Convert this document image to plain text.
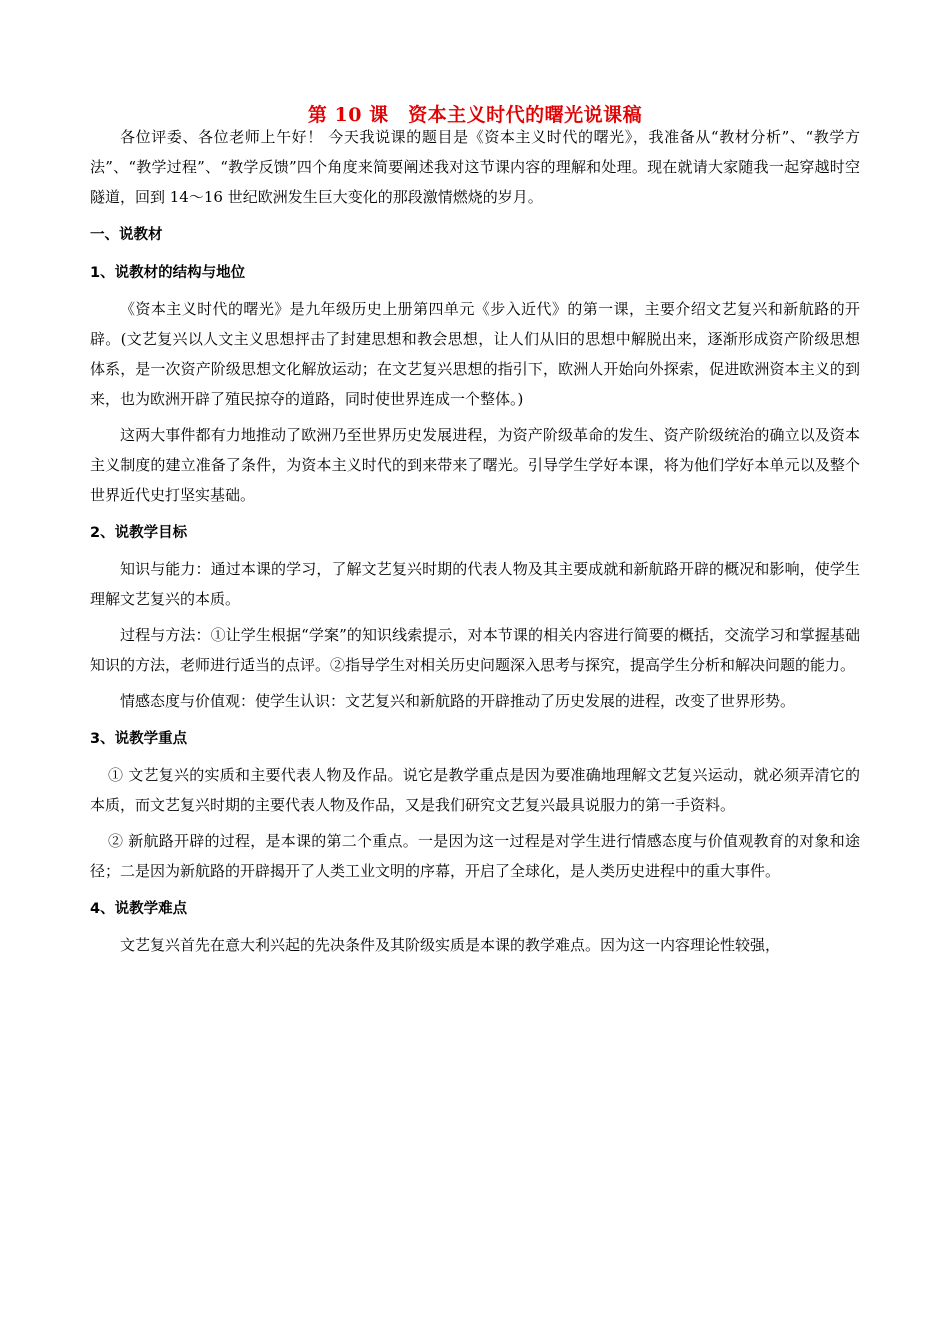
第 10 课　资本主义时代的曙光说课稿

各位评委、各位老师上午好！ 今天我说课的题目是《资本主义时代的曙光》，我准备从“教材分析”、“教学方法”、“教学过程”、“教学反馈”四个角度来简要阐述我对这节课内容的理解和处理。现在就请大家随我一起穿越时空隧道，回到 14～16 世纪欧洲发生巨大变化的那段激情燃烧的岁月。

一、说教材

1、说教材的结构与地位

《资本主义时代的曙光》是九年级历史上册第四单元《步入近代》的第一课，主要介绍文艺复兴和新航路的开辟。(文艺复兴以人文主义思想抨击了封建思想和教会思想，让人们从旧的思想中解脱出来，逐渐形成资产阶级思想体系，是一次资产阶级思想文化解放运动；在文艺复兴思想的指引下，欧洲人开始向外探索，促进欧洲资本主义的到来，也为欧洲开辟了殖民掠夺的道路，同时使世界连成一个整体。)

这两大事件都有力地推动了欧洲乃至世界历史发展进程，为资产阶级革命的发生、资产阶级统治的确立以及资本主义制度的建立准备了条件，为资本主义时代的到来带来了曙光。引导学生学好本课，将为他们学好本单元以及整个世界近代史打坚实基础。

2、说教学目标

知识与能力：通过本课的学习，了解文艺复兴时期的代表人物及其主要成就和新航路开辟的概况和影响，使学生理解文艺复兴的本质。

过程与方法：①让学生根据“学案”的知识线索提示，对本节课的相关内容进行简要的概括，交流学习和掌握基础知识的方法，老师进行适当的点评。②指导学生对相关历史问题深入思考与探究，提高学生分析和解决问题的能力。

情感态度与价值观：使学生认识：文艺复兴和新航路的开辟推动了历史发展的进程，改变了世界形势。

3、说教学重点

① 文艺复兴的实质和主要代表人物及作品。说它是教学重点是因为要准确地理解文艺复兴运动，就必须弄清它的本质，而文艺复兴时期的主要代表人物及作品，又是我们研究文艺复兴最具说服力的第一手资料。

② 新航路开辟的过程，是本课的第二个重点。一是因为这一过程是对学生进行情感态度与价值观教育的对象和途径；二是因为新航路的开辟揭开了人类工业文明的序幕，开启了全球化，是人类历史进程中的重大事件。

4、说教学难点

文艺复兴首先在意大利兴起的先决条件及其阶级实质是本课的教学难点。因为这一内容理论性较强，
